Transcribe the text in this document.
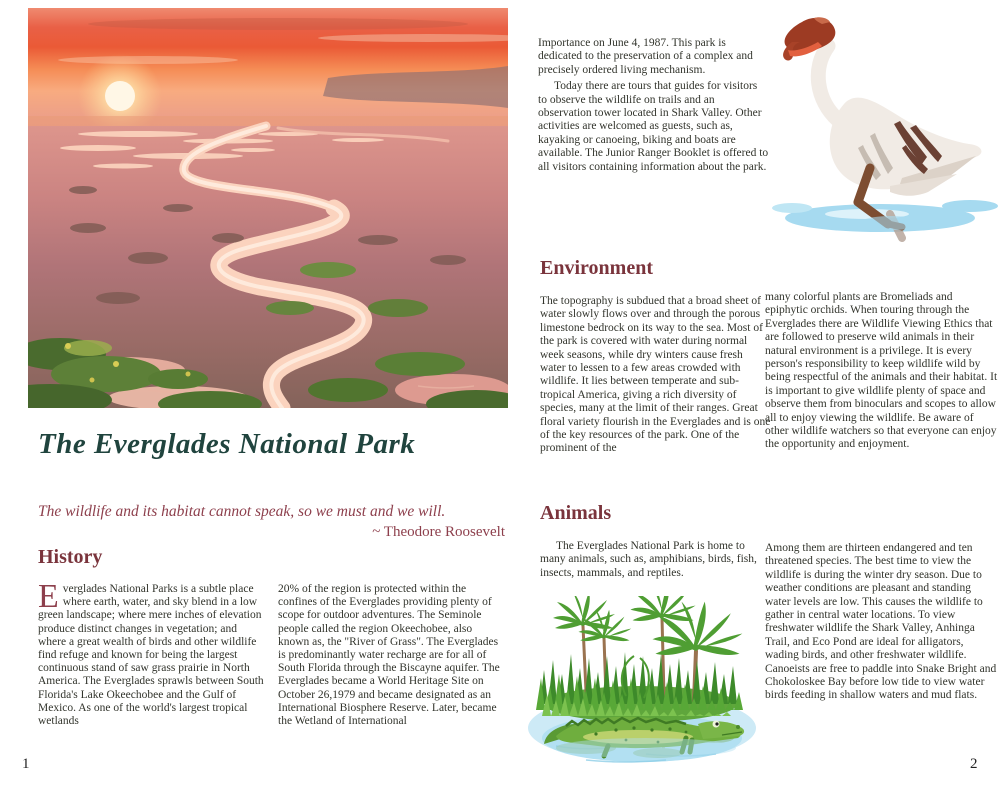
The Everglades National Park
The wildlife and its habitat cannot speak, so we must and we will.
~ Theodore Roosevelt
History

Everglades National Parks is a subtle place where earth, water, and sky blend in a low green landscape; where mere inches of elevation produce distinct changes in vegetation; and where a great wealth of birds and other wildlife find refuge and known for being the largest continuous stand of saw grass prairie in North America. The Everglades sprawls between South Florida's Lake Okeechobee and the Gulf of Mexico. As one of the world's largest tropical wetlands

20% of the region is protected within the confines of the Everglades providing plenty of scope for outdoor adventures. The Seminole people called the region Okeechobee, also known as, the "River of Grass". The Everglades is predominantly water recharge are for all of South Florida through the Biscayne aquifer. The Everglades became a World Heritage Site on October 26,1979 and became designated as an International Biosphere Reserve. Later, became the Wetland of International

1

Importance on June 4, 1987. This park is dedicated to the preservation of a complex and precisely ordered living mechanism.

Today there are tours that guides for visitors to observe the wildlife on trails and an observation tower located in Shark Valley. Other activities are welcomed as guests, such as, kayaking or canoeing, biking and boats are available. The Junior Ranger Booklet is offered to all visitors containing information about the park.

Environment

The topography is subdued that a broad sheet of water slowly flows over and through the porous limestone bedrock on its way to the sea. Most of the park is covered with water during normal week seasons, while dry winters cause fresh water to lessen to a few areas crowded with wildlife. It lies between temperate and sub-tropical America, giving a rich diversity of species, many at the limit of their ranges. Great floral variety flourish in the Everglades and is one of the key resources of the park. One of the prominent of the

many colorful plants are Bromeliads and epiphytic orchids. When touring through the Everglades there are Wildlife Viewing Ethics that are followed to preserve wild animals in their natural environment is a privilege. It is every person's responsibility to keep wildlife wild by being respectful of the animals and their habitat. It is important to give wildlife plenty of space and observe them from binoculars and scopes to allow all to enjoy viewing the wildlife. Be aware of other wildlife watchers so that everyone can enjoy the opportunity and enjoyment.

Animals

The Everglades National Park is home to many animals, such as, amphibians, birds, fish, insects, mammals, and reptiles.

Among them are thirteen endangered and ten threatened species. The best time to view the wildlife is during the winter dry season. Due to weather conditions are pleasant and standing water levels are low. This causes the wildlife to gather in central water locations. To view freshwater wildlife the Shark Valley, Anhinga Trail, and Eco Pond are ideal for alligators, wading birds, and other freshwater wildlife. Canoeists are free to paddle into Snake Bright and Chokoloskee Bay before low tide to view water birds feeding in shallow waters and mud flats.

2
